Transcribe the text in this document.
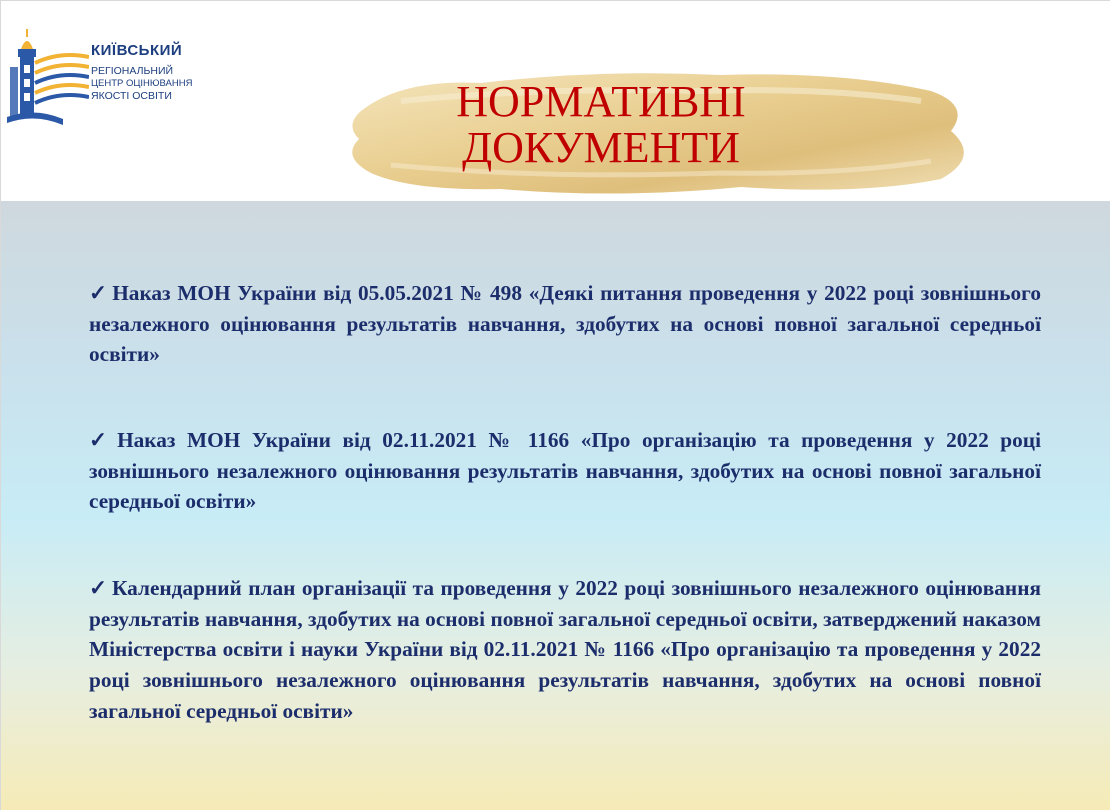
КИЇВСЬКИЙ
РЕГІОНАЛЬНИЙ
ЦЕНТР ОЦІНЮВАННЯ
ЯКОСТІ ОСВІТИ	НОРМАТИВНІ
ДОКУМЕНТИ

✓ Наказ МОН України від 05.05.2021 № 498 «Деякі питання проведення у 2022 році зовнішнього незалежного оцінювання результатів навчання, здобутих на основі повної загальної середньої освіти»

✓ Наказ МОН України від 02.11.2021 № 1166 «Про організацію та проведення у 2022 році зовнішнього незалежного оцінювання результатів навчання, здобутих на основі повної загальної середньої освіти»

✓ Календарний план організації та проведення у 2022 році зовнішнього незалежного оцінювання результатів навчання, здобутих на основі повної загальної середньої освіти, затверджений наказом Міністерства освіти і науки України від 02.11.2021 № 1166 «Про організацію та проведення у 2022 році зовнішнього незалежного оцінювання результатів навчання, здобутих на основі повної загальної середньої освіти»
